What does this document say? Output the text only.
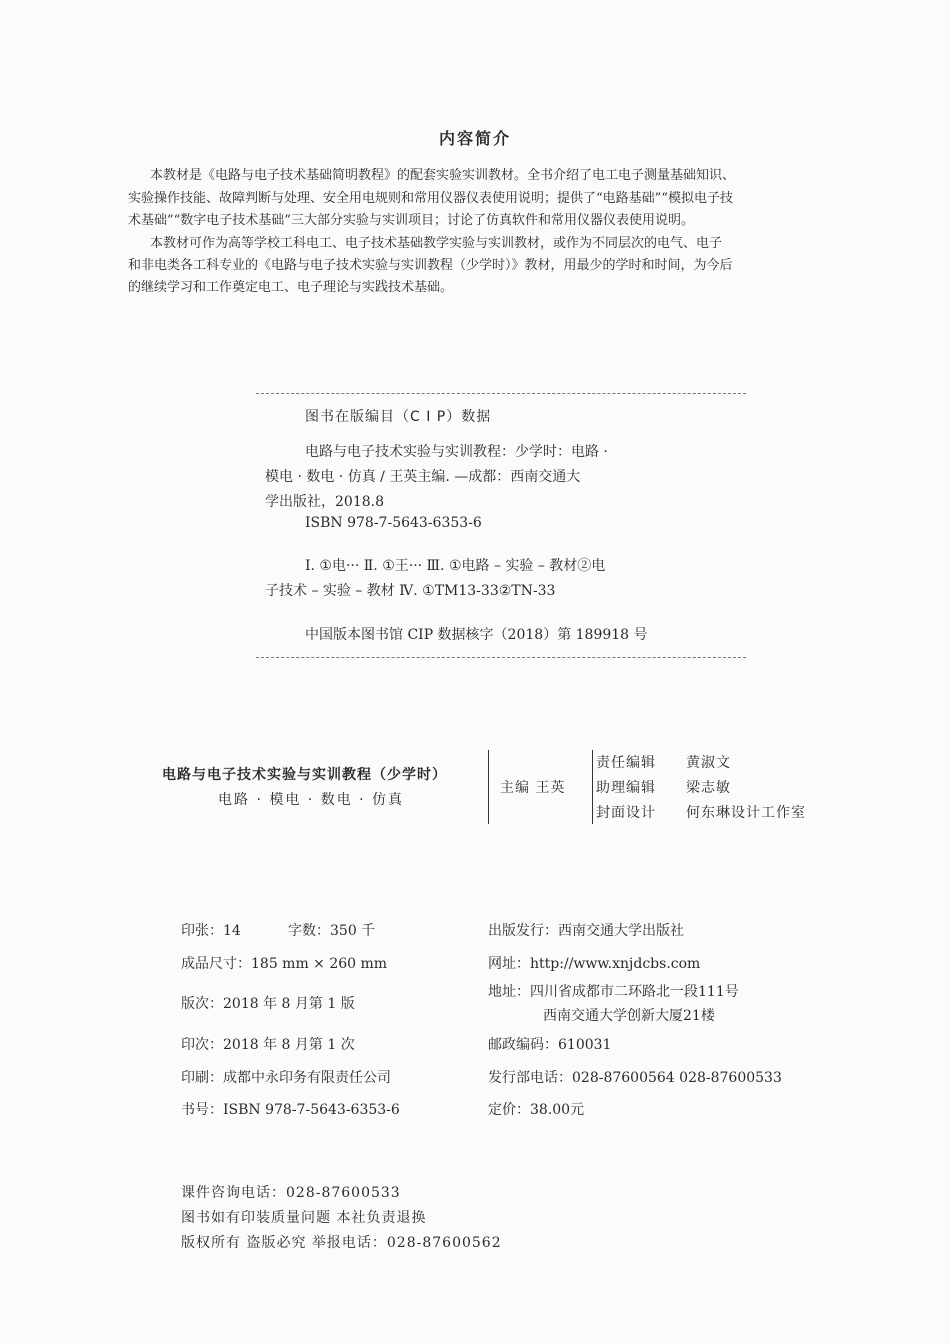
内容简介
本教材是《电路与电子技术基础简明教程》的配套实验实训教材。全书介绍了电工电子测量基础知识、
实验操作技能、故障判断与处理、安全用电规则和常用仪器仪表使用说明；提供了“电路基础”“模拟电子技
术基础”“数字电子技术基础”三大部分实验与实训项目；讨论了仿真软件和常用仪器仪表使用说明。
本教材可作为高等学校工科电工、电子技术基础教学实验与实训教材，或作为不同层次的电气、电子
和非电类各工科专业的《电路与电子技术实验与实训教程（少学时）》教材，用最少的学时和时间，为今后
的继续学习和工作奠定电工、电子理论与实践技术基础。
图书在版编目（C I P）数据
电路与电子技术实验与实训教程：少学时：电路 ·
模电 · 数电 · 仿真 / 王英主编. —成都：西南交通大
学出版社，2018.8
ISBN 978-7-5643-6353-6
Ⅰ. ①电··· Ⅱ. ①王··· Ⅲ. ①电路 – 实验 – 教材②电
子技术 – 实验 – 教材 Ⅳ. ①TM13-33②TN-33
中国版本图书馆 CIP 数据核字（2018）第 189918 号
电路与电子技术实验与实训教程（少学时）
电路 · 模电 · 数电 · 仿真
主编 王英
责任编辑 黄淑文
助理编辑 梁志敏
封面设计 何东琳设计工作室
印张：14	字数：350 千
成品尺寸：185 mm × 260 mm
版次：2018 年 8 月第 1 版
印次：2018 年 8 月第 1 次
印刷：成都中永印务有限责任公司
书号：ISBN 978-7-5643-6353-6
出版发行：西南交通大学出版社
网址：http://www.xnjdcbs.com
地址：四川省成都市二环路北一段111号
西南交通大学创新大厦21楼
邮政编码：610031
发行部电话：028-87600564 028-87600533
定价：38.00元
课件咨询电话：028-87600533
图书如有印装质量问题 本社负责退换
版权所有 盗版必究 举报电话：028-87600562
